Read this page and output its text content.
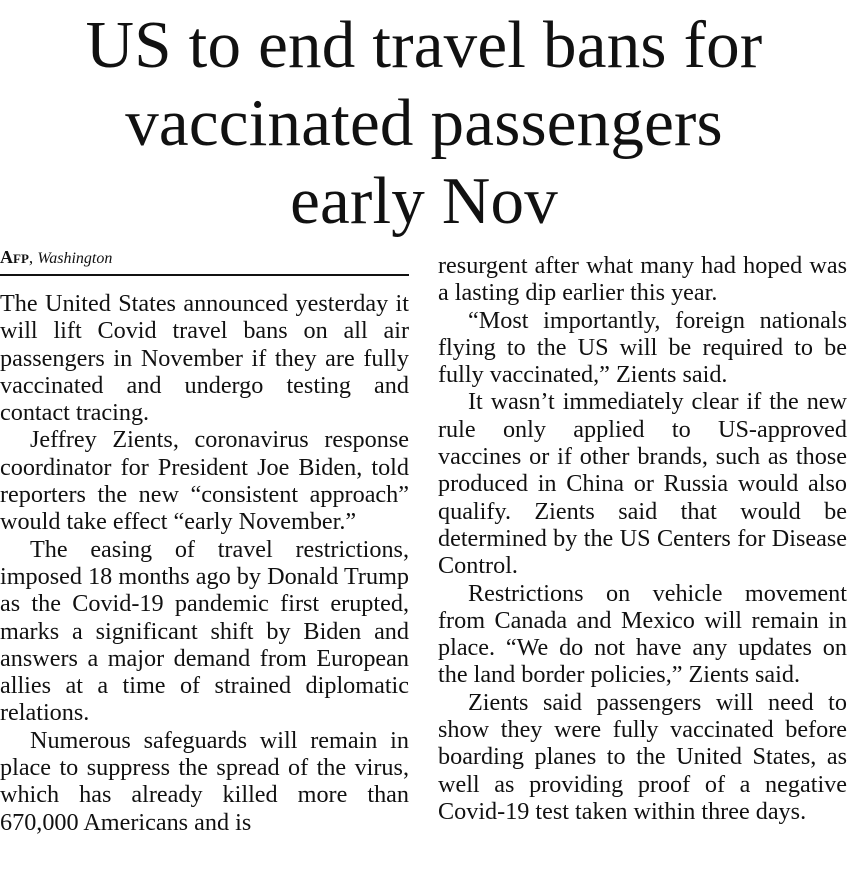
US to end travel bans for
vaccinated passengers
early Nov
Afp, Washington

The United States announced yesterday it will lift Covid travel bans on all air passengers in November if they are fully vaccinated and undergo testing and contact tracing.

Jeffrey Zients, coronavirus response coordinator for President Joe Biden, told reporters the new “consistent approach” would take effect “early November.”

The easing of travel restrictions, imposed 18 months ago by Donald Trump as the Covid-19 pandemic first erupted, marks a significant shift by Biden and answers a major demand from European allies at a time of strained diplomatic relations.

Numerous safeguards will remain in place to suppress the spread of the virus, which has already killed more than 670,000 Americans and is

resurgent after what many had hoped was a lasting dip earlier this year.

“Most importantly, foreign nationals flying to the US will be required to be fully vaccinated,” Zients said.

It wasn’t immediately clear if the new rule only applied to US-approved vaccines or if other brands, such as those produced in China or Russia would also qualify. Zients said that would be determined by the US Centers for Disease Control.

Restrictions on vehicle movement from Canada and Mexico will remain in place. “We do not have any updates on the land border policies,” Zients said.

Zients said passengers will need to show they were fully vaccinated before boarding planes to the United States, as well as providing proof of a negative Covid-19 test taken within three days.
